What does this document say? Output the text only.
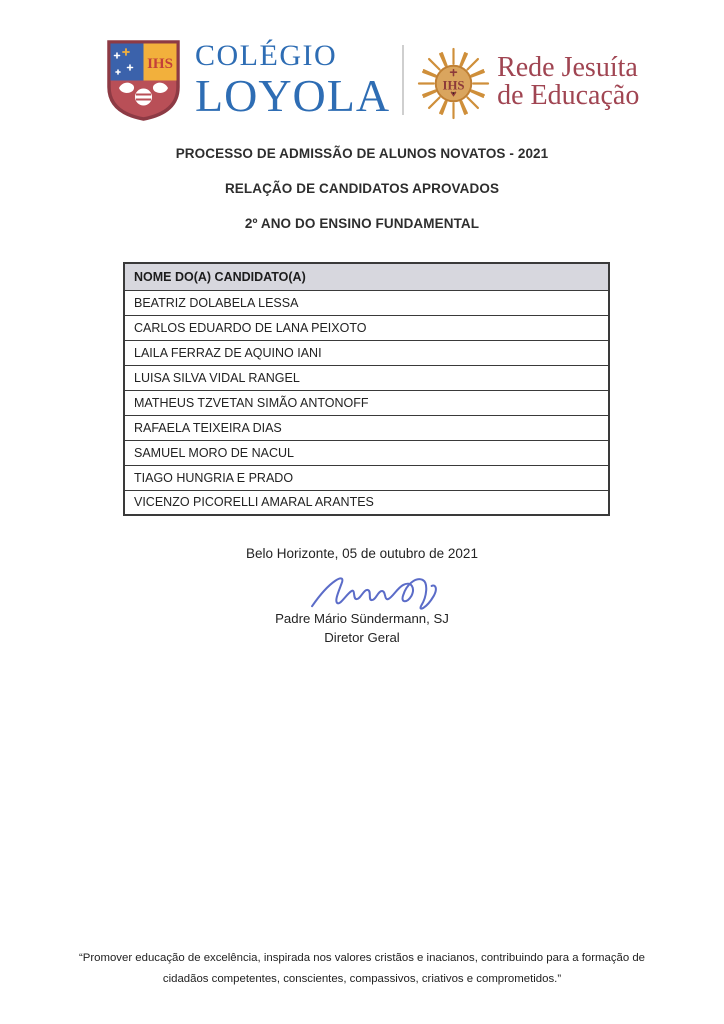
IHS COLÉGIO
LOYOLA	IHS
Rede Jesuíta
de Educação
PROCESSO DE ADMISSÃO DE ALUNOS NOVATOS - 2021
RELAÇÃO DE CANDIDATOS APROVADOS
2º ANO DO ENSINO FUNDAMENTAL
NOME DO(A) CANDIDATO(A)
BEATRIZ DOLABELA LESSA
CARLOS EDUARDO DE LANA PEIXOTO
LAILA FERRAZ DE AQUINO IANI
LUISA SILVA VIDAL RANGEL
MATHEUS TZVETAN SIMÃO ANTONOFF
RAFAELA TEIXEIRA DIAS
SAMUEL MORO DE NACUL
TIAGO HUNGRIA E PRADO
VICENZO PICORELLI AMARAL ARANTES
Belo Horizonte, 05 de outubro de 2021
Padre Mário Sündermann, SJ
Diretor Geral
“Promover educação de excelência, inspirada nos valores cristãos e inacianos, contribuindo para a formação de
cidadãos competentes, conscientes, compassivos, criativos e comprometidos.”
